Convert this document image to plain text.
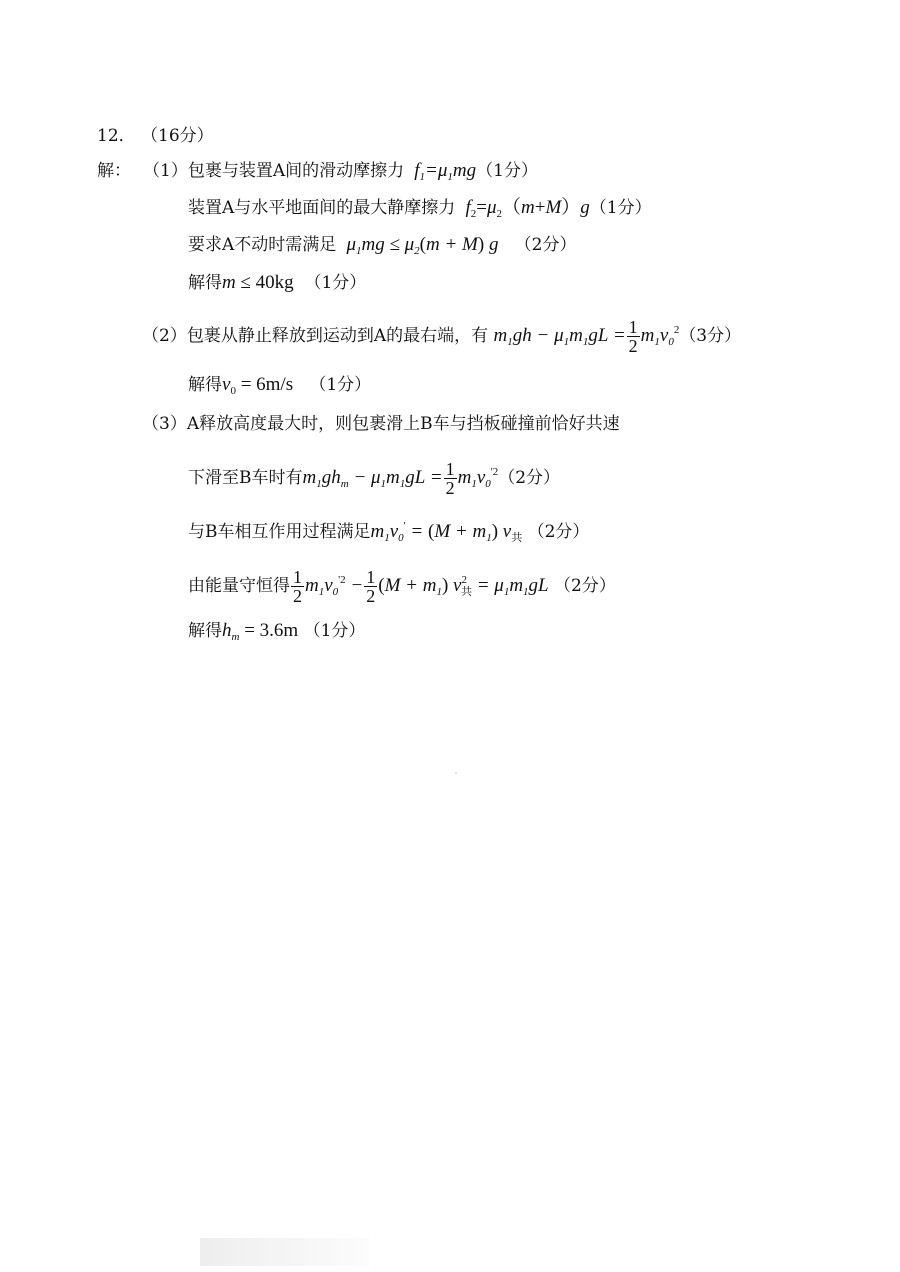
12． （16分）
解： （1）包裹与装置A间的滑动摩擦力  $f_1=\mu_1mg(1$分）
装置A与水平地面间的最大静摩擦力 $f_2=\mu_2(m+M)g(1$分）
要求A不动时需满足  $\mu_1mg \le \mu_2(m + M)$ g （2分）
解得m ≤ 40kg （1分）
（2）包裹从静止释放到运动到A的最右端，有 $m_1gh - \mu_1m_1gL = \frac{1}{2} m_1v_0^2(3$分）
解得$v_0 = 6m/s$ （1分）
（3）A释放高度最大时，则包裹滑上B车与挡板碰撞前恰好共速
下滑至B车时有$m_1gh_m - \mu_1m_1gL = \frac{1}{2} m_1v_0^{'2}(2$分）
与B车相互作用过程满足$m_1v_0' = (M + m_1)$ $v_共$ （2分）
由能量守恒得 $\frac{1}{2} m_1v_0^{'2} - \frac{1}{2} (M + m_1) v^2_共 = \mu_1m_1gL$ （2分）
解得$h_m = 3.6m$ （1分）
